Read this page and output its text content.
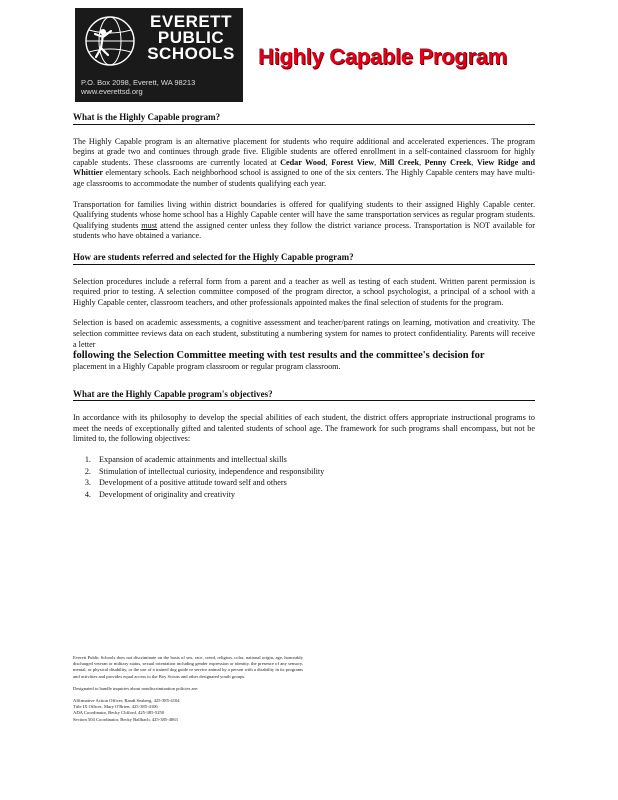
EVERETT
PUBLIC
SCHOOLS
P.O. Box 2098, Everett, WA 98213
www.everettsd.org
Highly Capable Program
What is the Highly Capable program?

The Highly Capable program is an alternative placement for students who require additional and accelerated experiences. The program begins at grade two and continues through grade five. Eligible students are offered enrollment in a self-contained classroom for highly capable students. These classrooms are currently located at Cedar Wood, Forest View, Mill Creek, Penny Creek, View Ridge and Whittier elementary schools. Each neighborhood school is assigned to one of the six centers. The Highly Capable centers may have multi-age classrooms to accommodate the number of students qualifying each year.

Transportation for families living within district boundaries is offered for qualifying students to their assigned Highly Capable center. Qualifying students whose home school has a Highly Capable center will have the same transportation services as regular program students. Qualifying students must attend the assigned center unless they follow the district variance process. Transportation is NOT available for students who have obtained a variance.

How are students referred and selected for the Highly Capable program?

Selection procedures include a referral form from a parent and a teacher as well as testing of each student. Written parent permission is required prior to testing. A selection committee composed of the program director, a school psychologist, a principal of a school with a Highly Capable center, classroom teachers, and other professionals appointed makes the final selection of students for the program.

Selection is based on academic assessments, a cognitive assessment and teacher/parent ratings on learning, motivation and creativity. The selection committee reviews data on each student, substituting a numbering system for names to protect confidentiality. Parents will receive a letter
following the Selection Committee meeting with test results and the committee's decision for
placement in a Highly Capable program classroom or regular program classroom.

What are the Highly Capable program's objectives?

In accordance with its philosophy to develop the special abilities of each student, the district offers appropriate instructional programs to meet the needs of exceptionally gifted and talented students of school age. The framework for such programs shall encompass, but not be limited to, the following objectives:

1. Expansion of academic attainments and intellectual skills
2. Stimulation of intellectual curiosity, independence and responsibility
3. Development of a positive attitude toward self and others
4. Development of originality and creativity
Everett Public Schools does not discriminate on the basis of sex, race, creed, religion, color, national origin, age, honorably discharged veteran or military status, sexual orientation including gender expression or identity, the presence of any sensory, mental, or physical disability, or the use of a trained dog guide or service animal by a person with a disability in its programs and activities and provides equal access to the Boy Scouts and other designated youth groups.
Designated to handle inquiries about nondiscrimination policies are:
Affirmative Action Officer, Randi Seaberg, 425-385-4104
Title IX Officer, Mary O'Brien, 425-385-4106
ADA Coordinator, Becky Clifford, 425-385-5250
Section 504 Coordinator, Becky Ballbach, 425-385-4063
